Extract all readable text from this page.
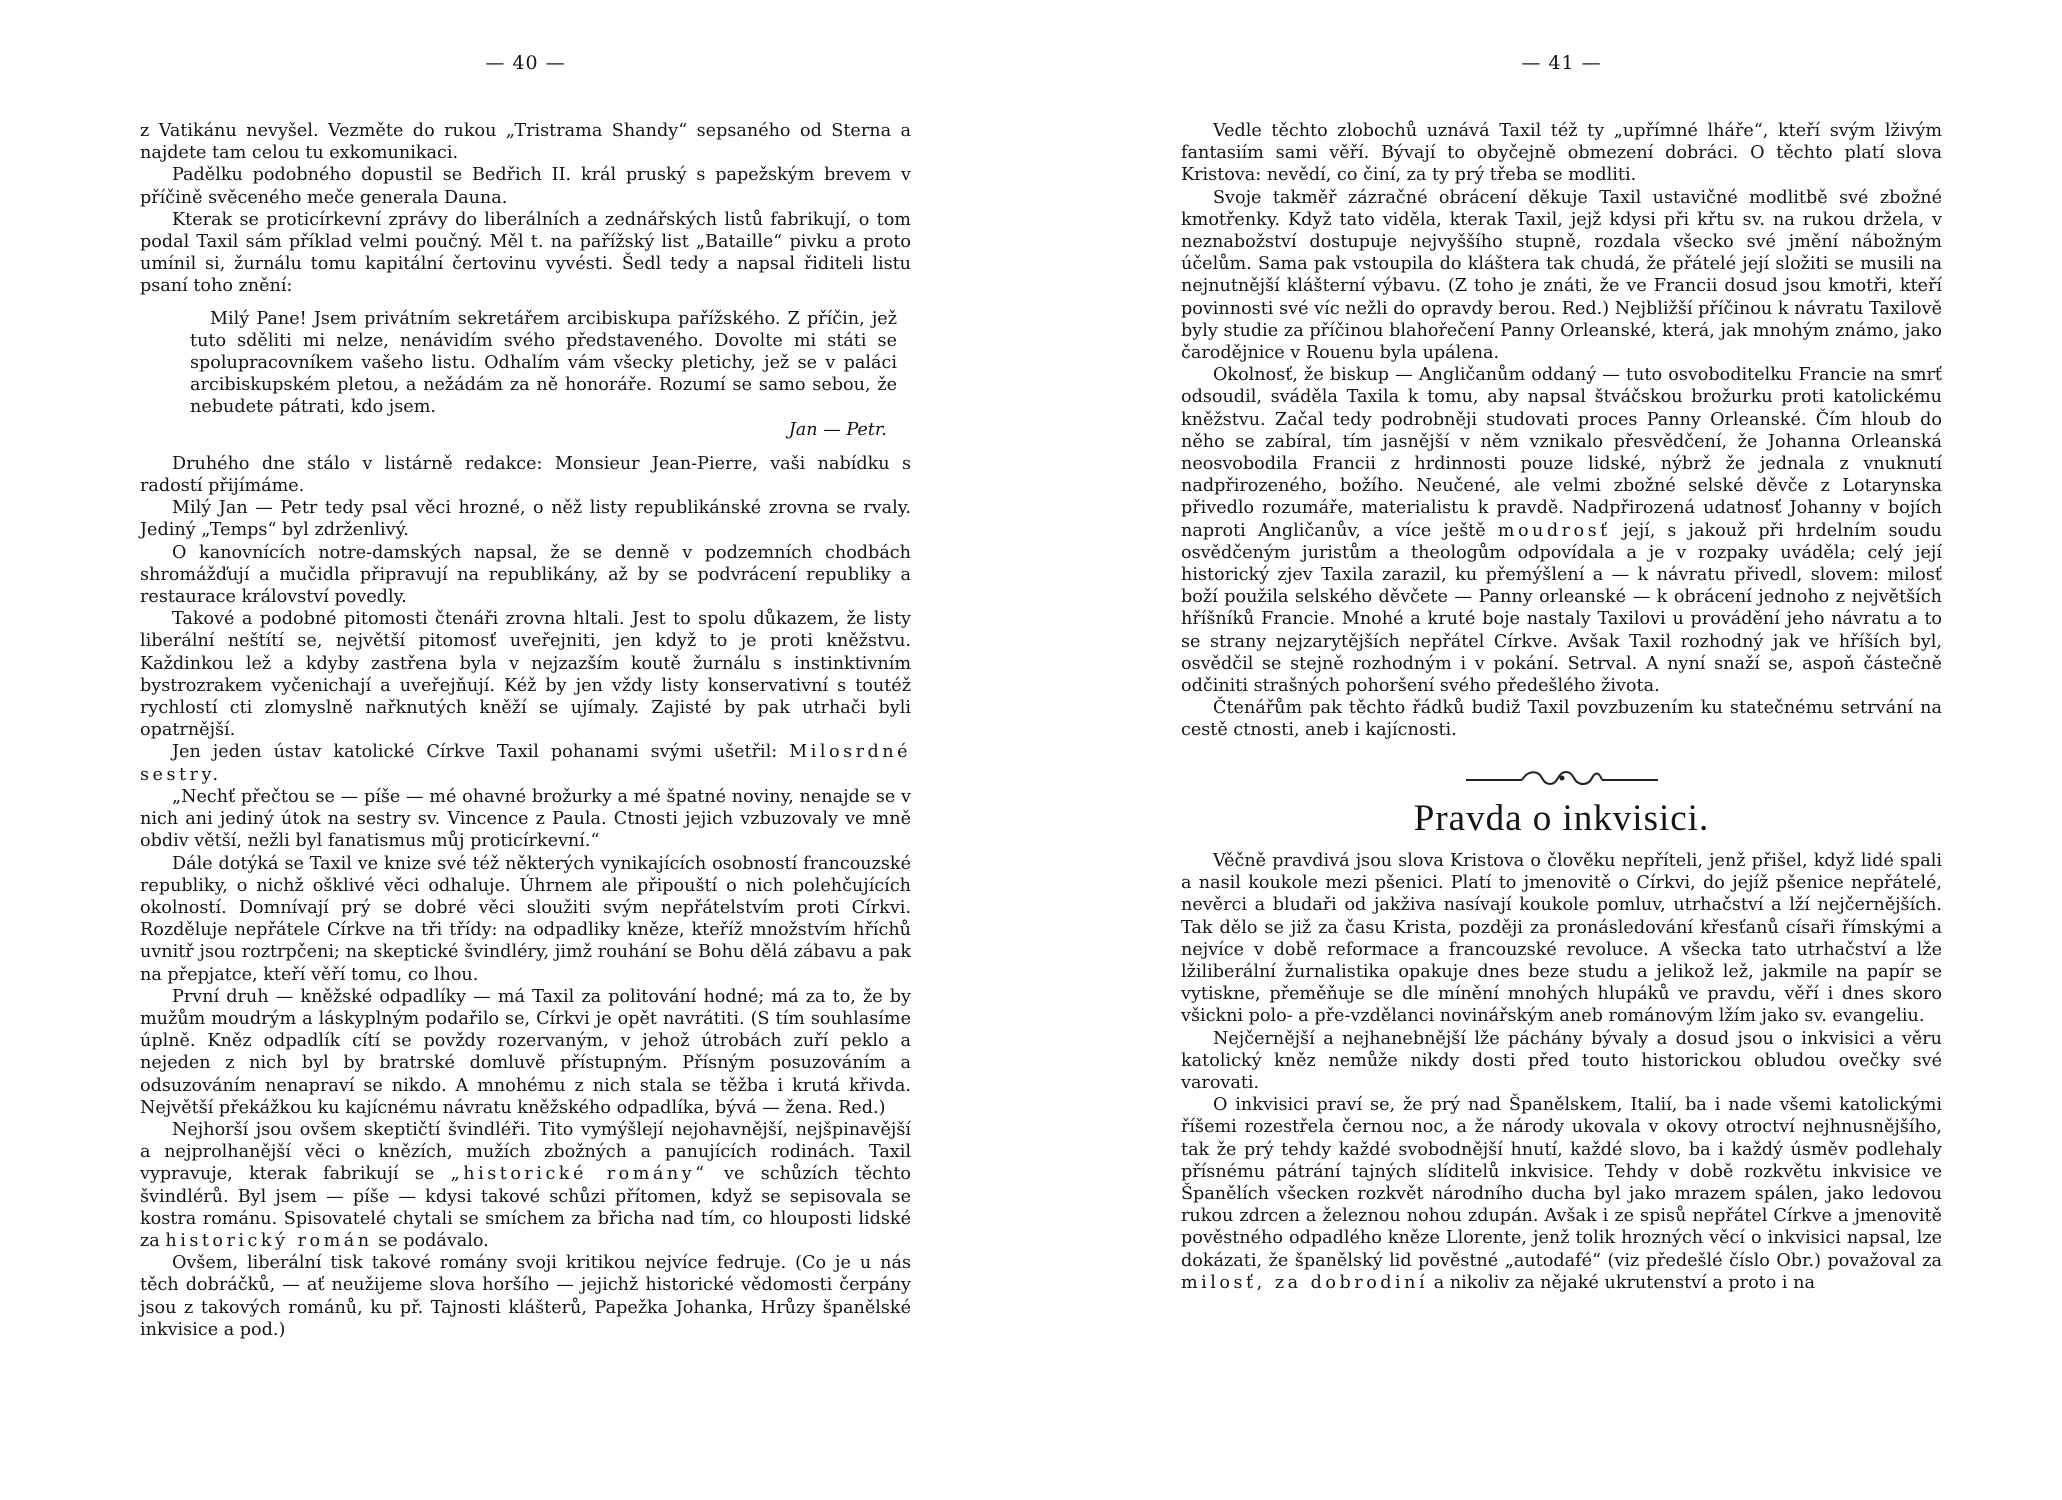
— 40 —

z Vatikánu nevyšel. Vezměte do rukou „Tristrama Shandy“ sepsaného od Sterna a najdete tam celou tu exkomunikaci.

Padělku podobného dopustil se Bedřich II. král pruský s papežským brevem v příčině svěceného meče generala Dauna.

Kterak se proticírkevní zprávy do liberálních a zednářských listů fabrikují, o tom podal Taxil sám příklad velmi poučný. Měl t. na pařížský list „Bataille“ pivku a proto umínil si, žurnálu tomu kapitální čertovinu vyvésti. Šedl tedy a napsal řiditeli listu psaní toho znění:

Milý Pane! Jsem privátním sekretářem arcibiskupa pařížského. Z příčin, jež tuto sděliti mi nelze, nenávidím svého představeného. Dovolte mi státi se spolupracovníkem vašeho listu. Odhalím vám všecky pletichy, jež se v paláci arcibiskupském pletou, a nežádám za ně honoráře. Rozumí se samo sebou, že nebudete pátrati, kdo jsem.

Jan — Petr.

Druhého dne stálo v listárně redakce: Monsieur Jean-Pierre, vaši nabídku s radostí přijímáme.

Milý Jan — Petr tedy psal věci hrozné, o něž listy republikánské zrovna se rvaly. Jediný „Temps“ byl zdrženlivý.

O kanovnících notre-damských napsal, že se denně v podzemních chodbách shromážďují a mučidla připravují na republikány, až by se podvrácení republiky a restaurace království povedly.

Takové a podobné pitomosti čtenáři zrovna hltali. Jest to spolu důkazem, že listy liberální neštítí se, největší pitomosť uveřejniti, jen když to je proti kněžstvu. Každinkou lež a kdyby zastřena byla v nejzazším koutě žurnálu s instinktivním bystrozrakem vyčenichají a uveřejňují. Kéž by jen vždy listy konservativní s toutéž rychlostí cti zlomyslně nařknutých kněží se ujímaly. Zajisté by pak utrhači byli opatrnější.

Jen jeden ústav katolické Církve Taxil pohanami svými ušetřil: Milosrdné sestry.

„Nechť přečtou se — píše — mé ohavné brožurky a mé špatné noviny, nenajde se v nich ani jediný útok na sestry sv. Vincence z Paula. Ctnosti jejich vzbuzovaly ve mně obdiv větší, nežli byl fanatismus můj proticírkevní.“

Dále dotýká se Taxil ve knize své též některých vynikajících osobností francouzské republiky, o nichž ošklivé věci odhaluje. Úhrnem ale připouští o nich polehčujících okolností. Domnívají prý se dobré věci sloužiti svým nepřátelstvím proti Církvi. Rozděluje nepřátele Církve na tři třídy: na odpadliky kněze, kteříž množstvím hříchů uvnitř jsou roztrpčeni; na skeptické švindléry, jimž rouhání se Bohu dělá zábavu a pak na přepjatce, kteří věří tomu, co lhou.

První druh — kněžské odpadlíky — má Taxil za politování hodné; má za to, že by mužům moudrým a láskyplným podařilo se, Církvi je opět navrátiti. (S tím souhlasíme úplně. Kněz odpadlík cítí se povždy rozervaným, v jehož útrobách zuří peklo a nejeden z nich byl by bratrské domluvě přístupným. Přísným posuzováním a odsuzováním nenapraví se nikdo. A mnohému z nich stala se těžba i krutá křivda. Největší překážkou ku kajícnému návratu kněžského odpadlíka, bývá — žena. Red.)

Nejhorší jsou ovšem skeptičtí švindléři. Tito vymýšlejí nejohavnější, nejšpinavější a nejprolhanější věci o knězích, mužích zbožných a panujících rodinách. Taxil vypravuje, kterak fabrikují se „historické romány“ ve schůzích těchto švindlérů. Byl jsem — píše — kdysi takové schůzi přítomen, když se sepisovala se kostra románu. Spisovatelé chytali se smíchem za břicha nad tím, co hlouposti lidské za historický román se podávalo.

Ovšem, liberální tisk takové romány svoji kritikou nejvíce fedruje. (Co je u nás těch dobráčků, — ať neužijeme slova horšího — jejichž historické vědomosti čerpány jsou z takových románů, ku př. Tajnosti klášterů, Papežka Johanka, Hrůzy španělské inkvisice a pod.)

— 41 —

Vedle těchto zlobochů uznává Taxil též ty „upřímné lháře“, kteří svým lživým fantasiím sami věří. Bývají to obyčejně obmezení dobráci. O těchto platí slova Kristova: nevědí, co činí, za ty prý třeba se modliti.

Svoje takměř zázračné obrácení děkuje Taxil ustavičné modlitbě své zbožné kmotřenky. Když tato viděla, kterak Taxil, jejž kdysi při křtu sv. na rukou držela, v neznabožství dostupuje nejvyššího stupně, rozdala všecko své jmění nábožným účelům. Sama pak vstoupila do kláštera tak chudá, že přátelé její složiti se musili na nejnutnější klášterní výbavu. (Z toho je znáti, že ve Francii dosud jsou kmotři, kteří povinnosti své víc nežli do opravdy berou. Red.) Nejbližší příčinou k návratu Taxilově byly studie za příčinou blahořečení Panny Orleanské, která, jak mnohým známo, jako čarodějnice v Rouenu byla upálena.

Okolnosť, že biskup — Angličanům oddaný — tuto osvoboditelku Francie na smrť odsoudil, sváděla Taxila k tomu, aby napsal štváčskou brožurku proti katolickému kněžstvu. Začal tedy podrobněji studovati proces Panny Orleanské. Čím hloub do něho se zabíral, tím jasnější v něm vznikalo přesvědčení, že Johanna Orleanská neosvobodila Francii z hrdinnosti pouze lidské, nýbrž že jednala z vnuknutí nadpřirozeného, božího. Neučené, ale velmi zbožné selské děvče z Lotarynska přivedlo rozumáře, materialistu k pravdě. Nadpřirozená udatnosť Johanny v bojích naproti Angličanův, a více ještě moudrosť její, s jakouž při hrdelním soudu osvědčeným juristům a theologům odpovídala a je v rozpaky uváděla; celý její historický zjev Taxila zarazil, ku přemýšlení a — k návratu přivedl, slovem: milosť boží použila selského děvčete — Panny orleanské — k obrácení jednoho z největších hříšníků Francie. Mnohé a kruté boje nastaly Taxilovi u provádění jeho návratu a to se strany nejzarytějších nepřátel Církve. Avšak Taxil rozhodný jak ve hříších byl, osvědčil se stejně rozhodným i v pokání. Setrval. A nyní snaží se, aspoň částečně odčiniti strašných pohoršení svého předešlého života.

Čtenářům pak těchto řádků budiž Taxil povzbuzením ku statečnému setrvání na cestě ctnosti, aneb i kajícnosti.

Pravda o inkvisici.

Věčně pravdivá jsou slova Kristova o člověku nepříteli, jenž přišel, když lidé spali a nasil koukole mezi pšenici. Platí to jmenovitě o Církvi, do jejíž pšenice nepřátelé, nevěrci a bludaři od jakživa nasívají koukole pomluv, utrhačství a lží nejčernějších. Tak dělo se již za času Krista, později za pronásledování křesťanů císaři římskými a nejvíce v době reformace a francouzské revoluce. A všecka tato utrhačství a lže lžiliberální žurnalistika opakuje dnes beze studu a jelikož lež, jakmile na papír se vytiskne, přeměňuje se dle mínění mnohých hlupáků ve pravdu, věří i dnes skoro všickni polo- a pře-vzdělanci novinářským aneb románovým lžím jako sv. evangeliu.

Nejčernější a nejhanebnější lže páchány bývaly a dosud jsou o inkvisici a věru katolický kněz nemůže nikdy dosti před touto historickou obludou ovečky své varovati.

O inkvisici praví se, že prý nad Španělskem, Italií, ba i nade všemi katolickými říšemi rozestřela černou noc, a že národy ukovala v okovy otroctví nejhnusnějšího, tak že prý tehdy každé svobodnější hnutí, každé slovo, ba i každý úsměv podlehaly přísnému pátrání tajných slíditelů inkvisice. Tehdy v době rozkvětu inkvisice ve Španělích všecken rozkvět národního ducha byl jako mrazem spálen, jako ledovou rukou zdrcen a železnou nohou zdupán. Avšak i ze spisů nepřátel Církve a jmenovitě pověstného odpadlého kněze Llorente, jenž tolik hrozných věcí o inkvisici napsal, lze dokázati, že španělský lid pověstné „autodafé“ (viz předešlé číslo Obr.) považoval za milosť, za dobrodiní a nikoliv za nějaké ukrutenství a proto i na
